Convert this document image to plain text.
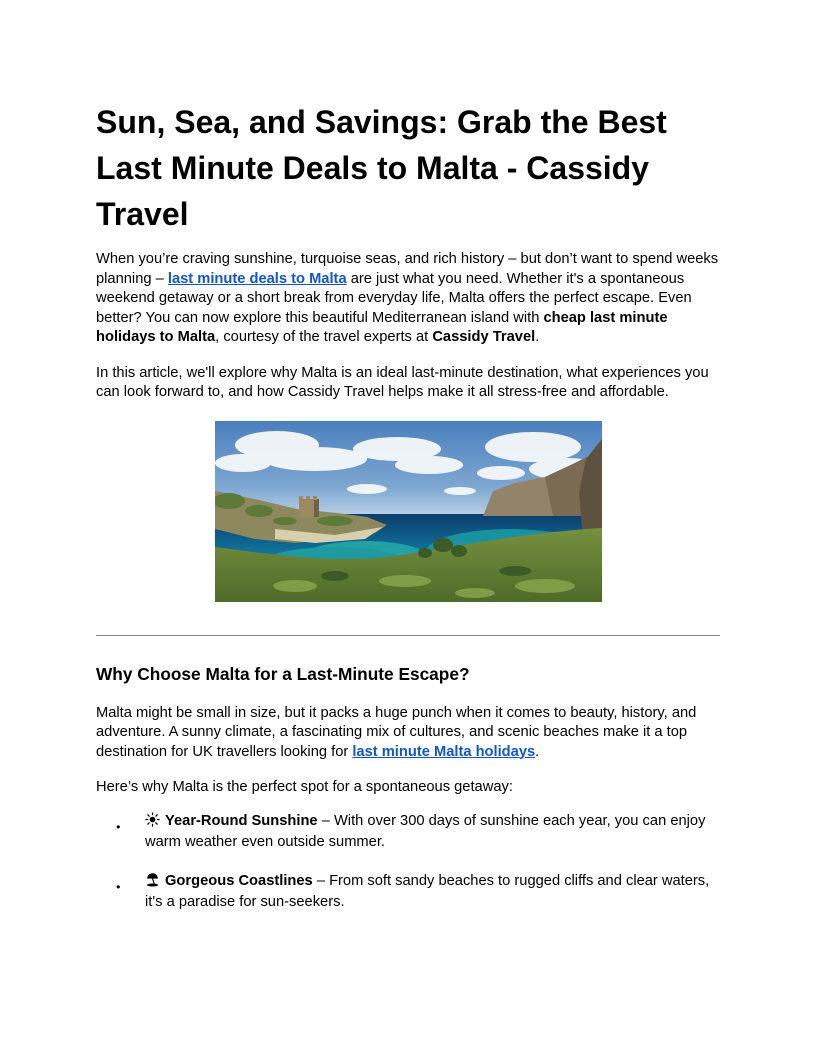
Sun, Sea, and Savings: Grab the Best Last Minute Deals to Malta - Cassidy Travel

When you’re craving sunshine, turquoise seas, and rich history – but don’t want to spend weeks planning – last minute deals to Malta are just what you need. Whether it's a spontaneous weekend getaway or a short break from everyday life, Malta offers the perfect escape. Even better? You can now explore this beautiful Mediterranean island with cheap last minute holidays to Malta, courtesy of the travel experts at Cassidy Travel.

In this article, we'll explore why Malta is an ideal last-minute destination, what experiences you can look forward to, and how Cassidy Travel helps make it all stress-free and affordable.

Why Choose Malta for a Last-Minute Escape?

Malta might be small in size, but it packs a huge punch when it comes to beauty, history, and adventure. A sunny climate, a fascinating mix of cultures, and scenic beaches make it a top destination for UK travellers looking for last minute Malta holidays.

Here’s why Malta is the perfect spot for a spontaneous getaway:

● Year-Round Sunshine – With over 300 days of sunshine each year, you can enjoy warm weather even outside summer.
● Gorgeous Coastlines – From soft sandy beaches to rugged cliffs and clear waters, it's a paradise for sun-seekers.
